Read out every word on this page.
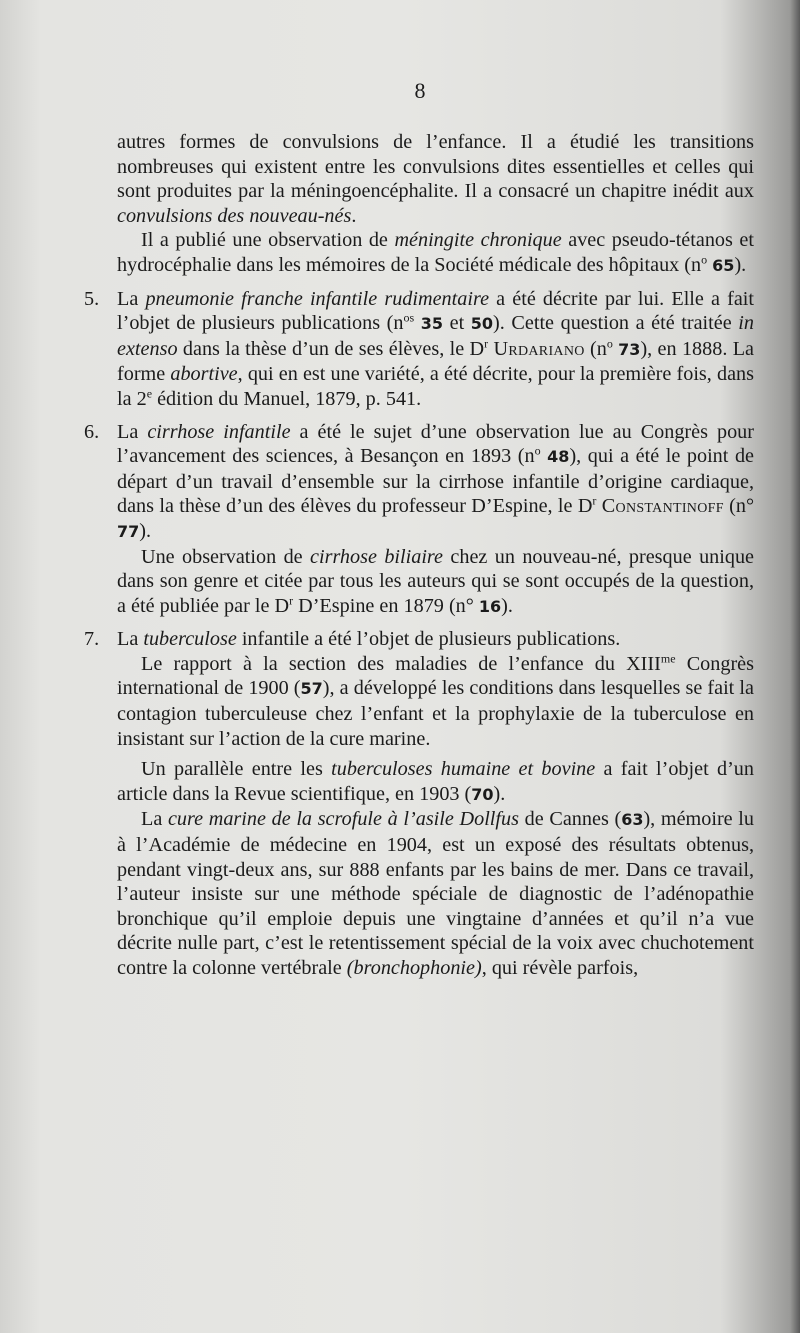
8

autres formes de convulsions de l’enfance. Il a étudié les transitions nombreuses qui existent entre les convulsions dites essentielles et celles qui sont produites par la méningoencéphalite. Il a consacré un chapitre inédit aux convulsions des nouveau-nés.

Il a publié une observation de méningite chronique avec pseudo-tétanos et hydrocéphalie dans les mémoires de la Société médicale des hôpitaux ($n^o$ 65).

5. La pneumonie franche infantile rudimentaire a été décrite par lui. Elle a fait l’objet de plusieurs publications ($n^{os}$ 35 et 50). Cette question a été traitée in extenso dans la thèse d’un de ses élèves, le $D^r$ Urdariano ($n^o$ 73), en 1888. La forme abortive, qui en est une variété, a été décrite, pour la première fois, dans la 2e édition du Manuel, 1879, p. 541.

6. La cirrhose infantile a été le sujet d’une observation lue au Congrès pour l’avancement des sciences, à Besançon en 1893 ($n^o$ 48), qui a été le point de départ d’un travail d’ensemble sur la cirrhose infantile d’origine cardiaque, dans la thèse d’un des élèves du professeur D’Espine, le $D^r$ Constantinoff (n° 77).

Une observation de cirrhose biliaire chez un nouveau-né, presque unique dans son genre et citée par tous les auteurs qui se sont occupés de la question, a été publiée par le $D^r$ D’Espine en 1879 (n° 16).

7. La tuberculose infantile a été l’objet de plusieurs publications.

Le rapport à la section des maladies de l’enfance du $XIII^{me}$ Congrès international de 1900 (57), a développé les conditions dans lesquelles se fait la contagion tuberculeuse chez l’enfant et la prophylaxie de la tuberculose en insistant sur l’action de la cure marine.

Un parallèle entre les tuberculoses humaine et bovine a fait l’objet d’un article dans la Revue scientifique, en 1903 (70).

La cure marine de la scrofule à l’asile Dollfus de Cannes (63), mémoire lu à l’Académie de médecine en 1904, est un exposé des résultats obtenus, pendant vingt-deux ans, sur 888 enfants par les bains de mer. Dans ce travail, l’auteur insiste sur une méthode spéciale de diagnostic de l’adénopathie bronchique qu’il emploie depuis une vingtaine d’années et qu’il n’a vue décrite nulle part, c’est le retentissement spécial de la voix avec chuchotement contre la colonne vertébrale (bronchophonie), qui révèle parfois,
